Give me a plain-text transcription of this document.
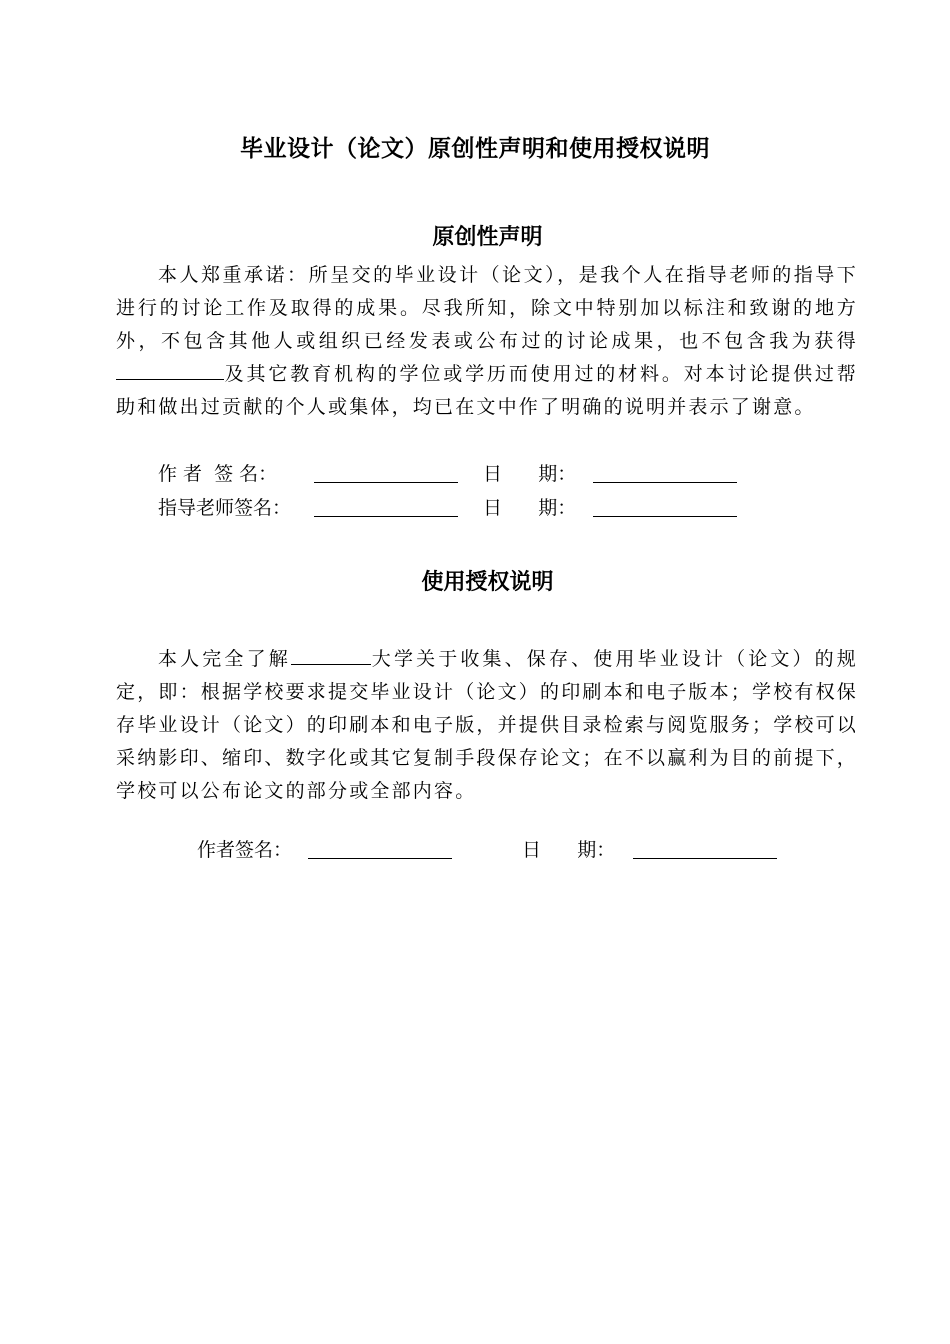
毕业设计（论文）原创性声明和使用授权说明
原创性声明
本人郑重承诺：所呈交的毕业设计（论文），是我个人在指导老师的指导下进行的讨论工作及取得的成果。尽我所知，除文中特别加以标注和致谢的地方外，不包含其他人或组织已经发表或公布过的讨论成果，也不包含我为获得及其它教育机构的学位或学历而使用过的材料。对本讨论提供过帮助和做出过贡献的个人或集体，均已在文中作了明确的说明并表示了谢意。
作 者  签 名：	日      期：
指导老师签名：	日      期：
使用授权说明
本人完全了解	大学关于收集、保存、使用毕业设计（论文）的规定，即：根据学校要求提交毕业设计（论文）的印刷本和电子版本；学校有权保存毕业设计（论文）的印刷本和电子版，并提供目录检索与阅览服务；学校可以采纳影印、缩印、数字化或其它复制手段保存论文；在不以赢利为目的前提下，学校可以公布论文的部分或全部内容。
作者签名：	日      期：
